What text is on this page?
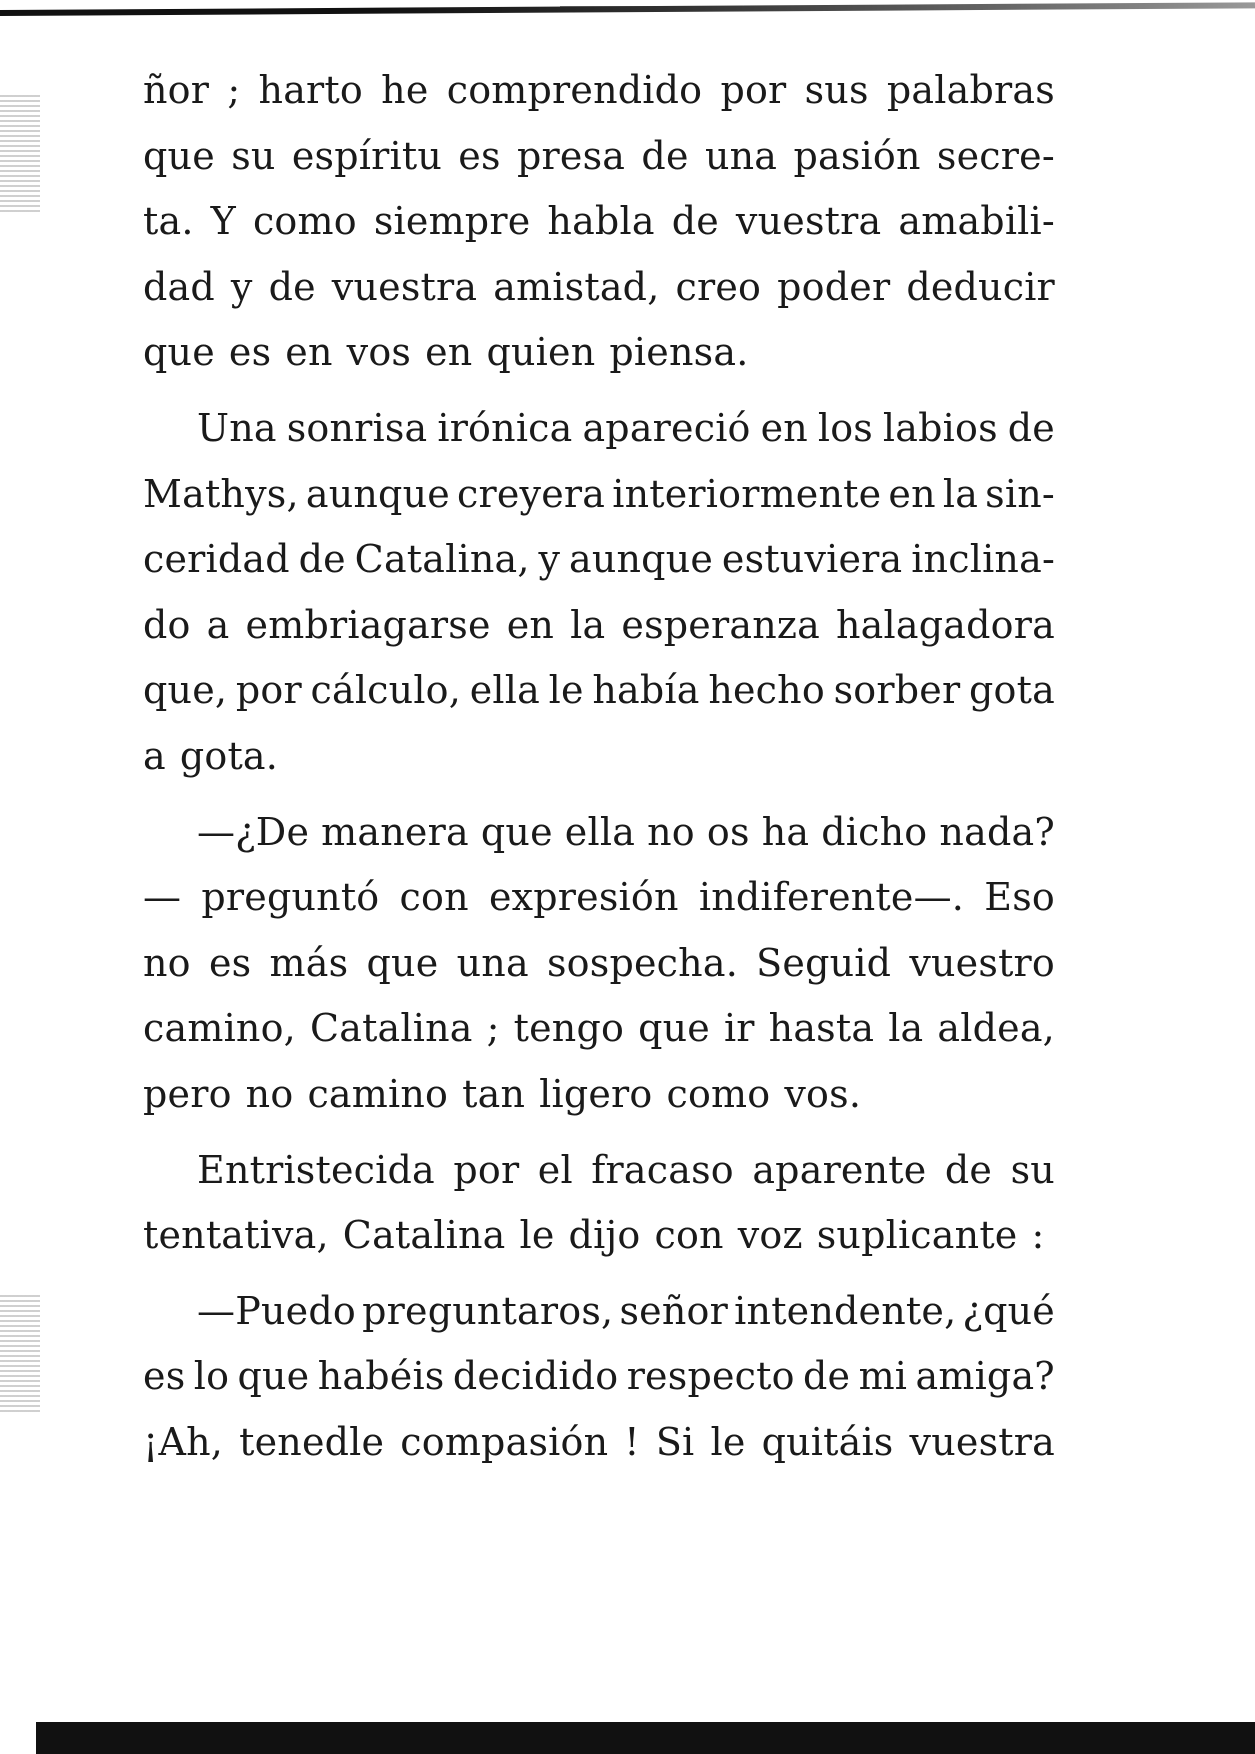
ñor ; harto he comprendido por sus palabras
que su espíritu es presa de una pasión secre-
ta. Y como siempre habla de vuestra amabili-
dad y de vuestra amistad, creo poder deducir
que es en vos en quien piensa.
Una sonrisa irónica apareció en los labios de
Mathys, aunque creyera interiormente en la sin-
ceridad de Catalina, y aunque estuviera inclina-
do a embriagarse en la esperanza halagadora
que, por cálculo, ella le había hecho sorber gota
a gota.
—¿De manera que ella no os ha dicho nada?
— preguntó con expresión indiferente—. Eso
no es más que una sospecha. Seguid vuestro
camino, Catalina ; tengo que ir hasta la aldea,
pero no camino tan ligero como vos.
Entristecida por el fracaso aparente de su
tentativa, Catalina le dijo con voz suplicante :
—Puedo preguntaros, señor intendente, ¿qué
es lo que habéis decidido respecto de mi amiga?
¡Ah, tenedle compasión ! Si le quitáis vuestra
